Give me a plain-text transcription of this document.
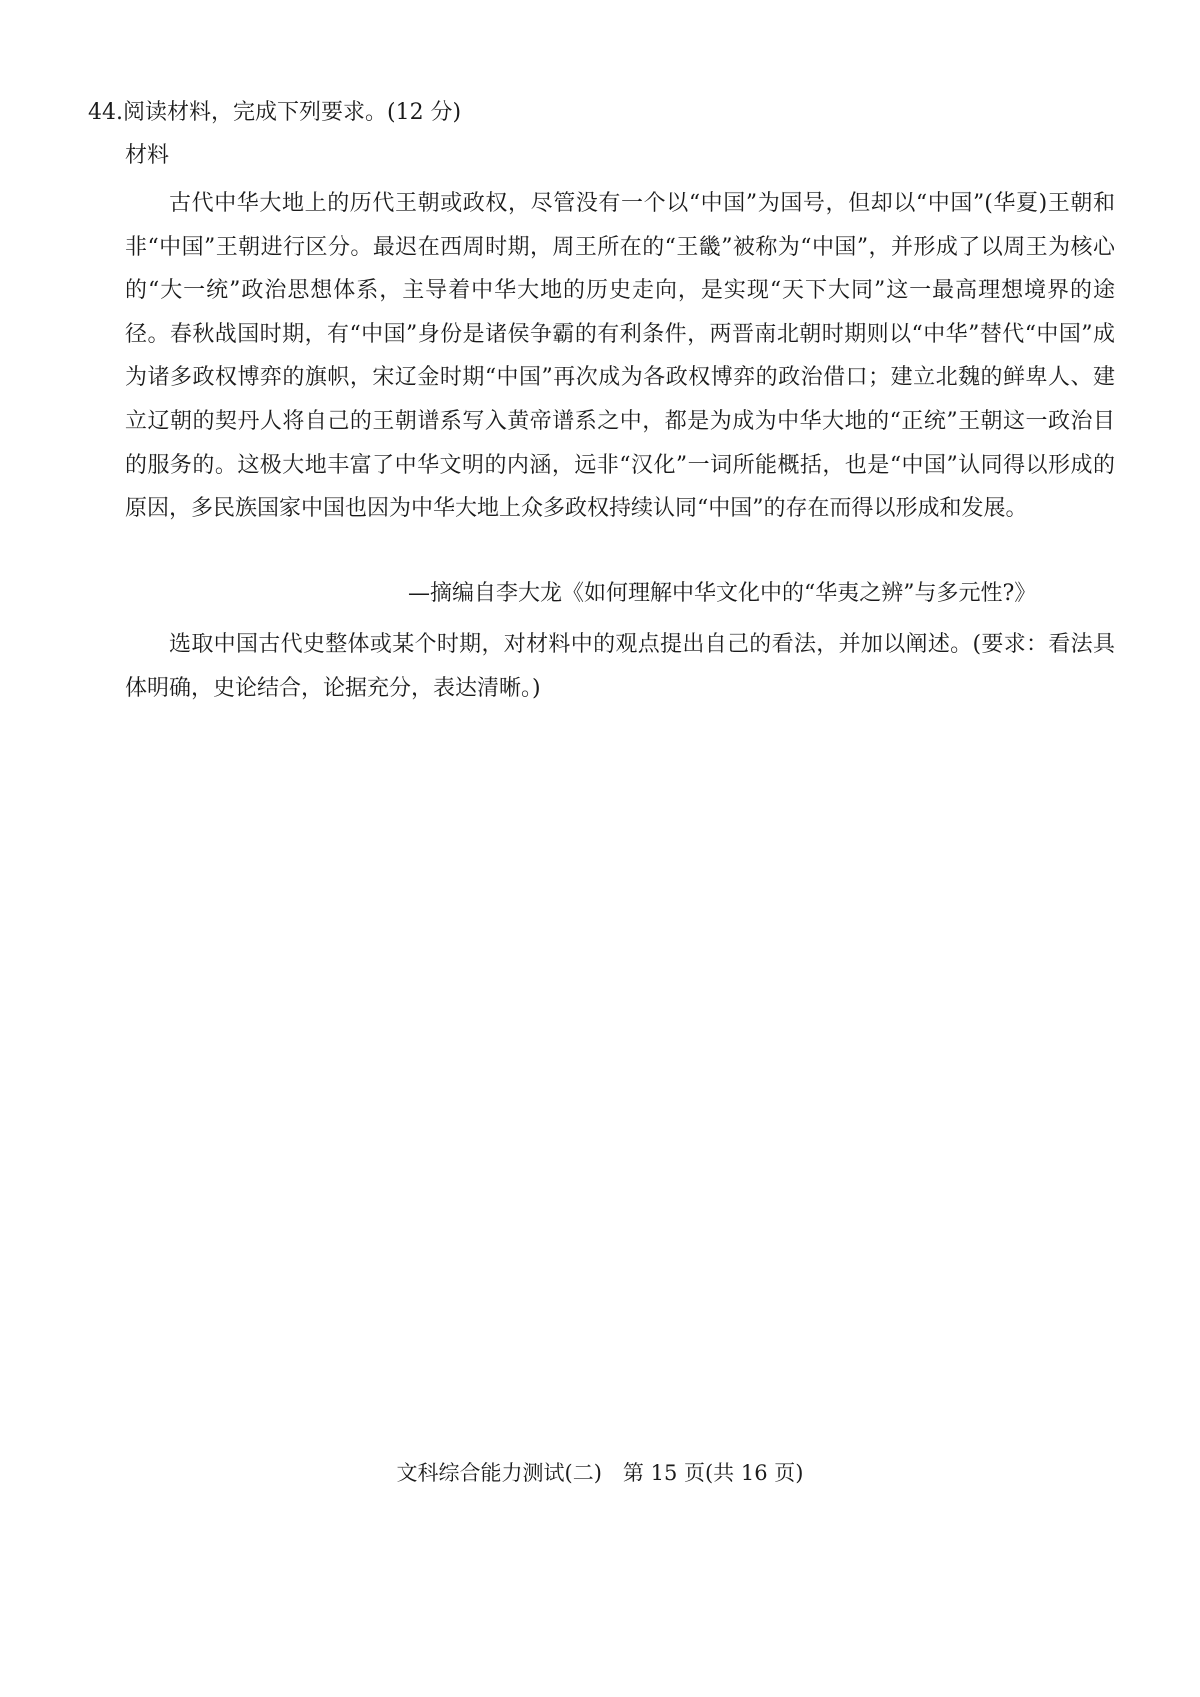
44.阅读材料，完成下列要求。(12 分)
材料

古代中华大地上的历代王朝或政权，尽管没有一个以“中国”为国号，但却以“中国”(华夏)王朝和非“中国”王朝进行区分。最迟在西周时期，周王所在的“王畿”被称为“中国”，并形成了以周王为核心的“大一统”政治思想体系，主导着中华大地的历史走向，是实现“天下大同”这一最高理想境界的途径。春秋战国时期，有“中国”身份是诸侯争霸的有利条件，两晋南北朝时期则以“中华”替代“中国”成为诸多政权博弈的旗帜，宋辽金时期“中国”再次成为各政权博弈的政治借口；建立北魏的鲜卑人、建立辽朝的契丹人将自己的王朝谱系写入黄帝谱系之中，都是为成为中华大地的“正统”王朝这一政治目的服务的。这极大地丰富了中华文明的内涵，远非“汉化”一词所能概括，也是“中国”认同得以形成的原因，多民族国家中国也因为中华大地上众多政权持续认同“中国”的存在而得以形成和发展。

—摘编自李大龙《如何理解中华文化中的“华夷之辨”与多元性?》

选取中国古代史整体或某个时期，对材料中的观点提出自己的看法，并加以阐述。(要求：看法具体明确，史论结合，论据充分，表达清晰。)

文科综合能力测试(二)　第 15 页(共 16 页)
